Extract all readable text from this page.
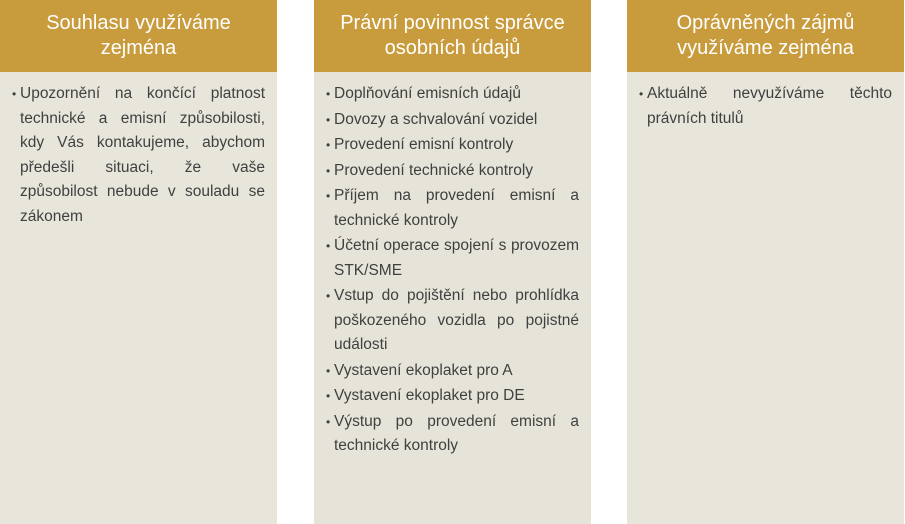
Souhlasu využíváme zejména
• Upozornění na končící platnost technické a emisní způsobilosti, kdy Vás kontakujeme, abychom předešli situaci, že vaše způsobilost nebude v souladu se zákonem
Právní povinnost správce osobních údajů
• Doplňování emisních údajů
• Dovozy a schvalování vozidel
• Provedení emisní kontroly
• Provedení technické kontroly
• Příjem na provedení emisní a technické kontroly
• Účetní operace spojení s provozem STK/SME
• Vstup do pojištění nebo prohlídka poškozeného vozidla po pojistné události
• Vystavení ekoplaket pro A
• Vystavení ekoplaket pro DE
• Výstup po provedení emisní a technické kontroly
Oprávněných zájmů využíváme zejména
• Aktuálně nevyužíváme těchto právních titulů
